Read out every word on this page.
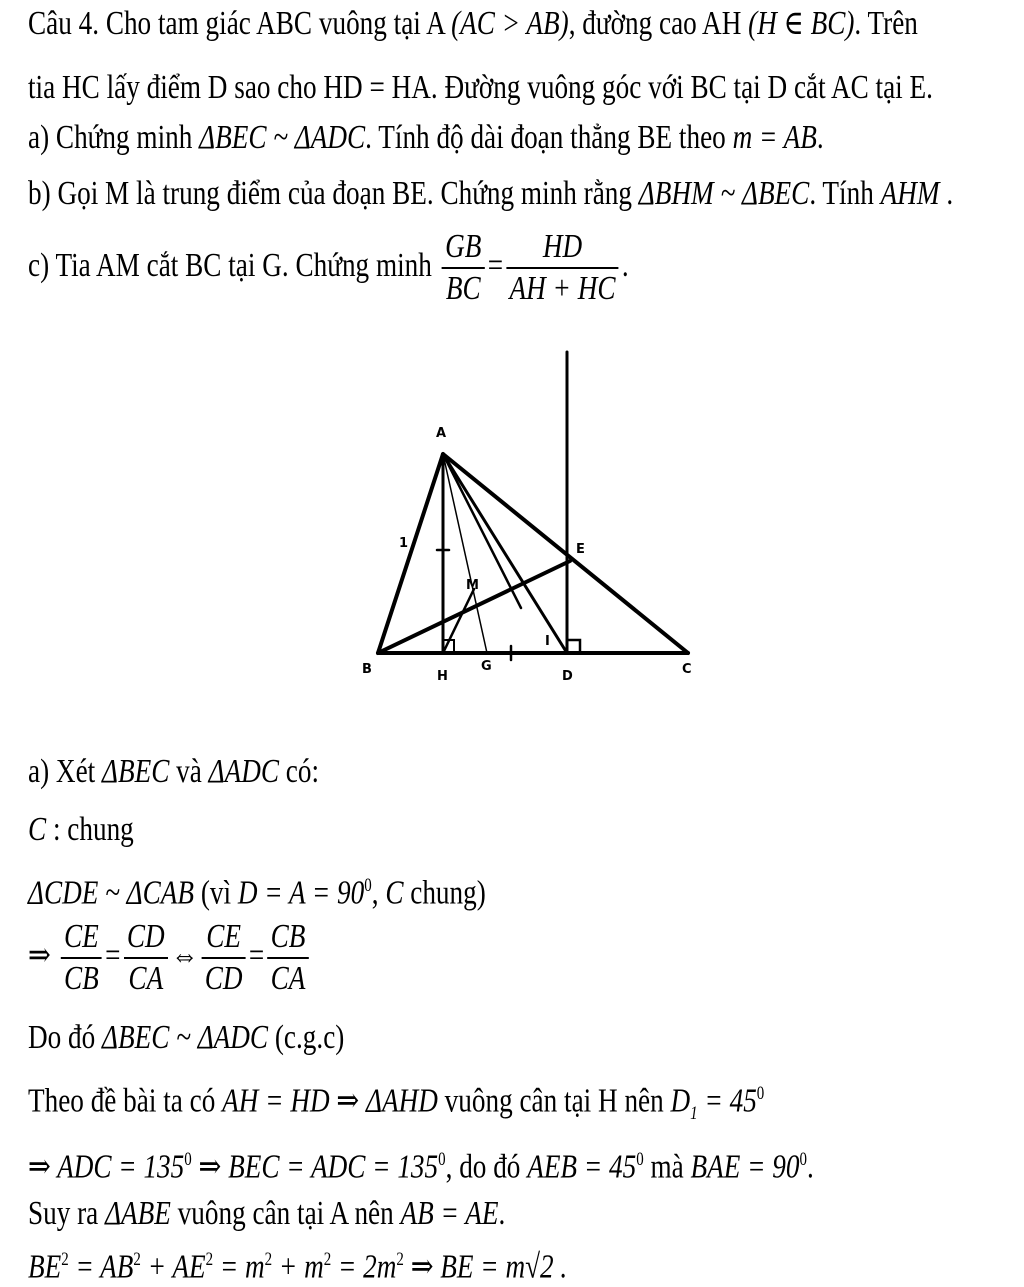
Câu 4. Cho tam giác ABC vuông tại A (AC > AB), đường cao AH (H ∈ BC). Trên
tia HC lấy điểm D sao cho HD = HA. Đường vuông góc với BC tại D cắt AC tại E.
a) Chứng minh ΔBEC ~ ΔADC. Tính độ dài đoạn thẳng BE theo m = AB.
b) Gọi M là trung điểm của đoạn BE. Chứng minh rằng ΔBHM ~ ΔBEC. Tính AHM .
c) Tia AM cắt BC tại G. Chứng minh $\frac{GB}{BC} = \frac{HD}{AH + HC}$ .
A
B	C
H
G
D
E
M
I
1
a) Xét ΔBEC và ΔADC có:
C : chung
ΔCDE ~ ΔCAB (vì $D = A = 90^0$, C chung)
⇒ $\frac{CE}{CB} = \frac{CD}{CA}$ ⇔ $\frac{CE}{CD} = \frac{CB}{CA}$
Do đó ΔBEC ~ ΔADC (c.g.c)
Theo đề bài ta có AH = HD ⇒ ΔAHD vuông cân tại H nên $D_1 = 45^0$
⇒ ADC = $135^0$ ⇒ BEC = ADC = $135^0$, do đó AEB = $45^0$ mà BAE = $90^0$.
Suy ra ΔABE vuông cân tại A nên AB = AE.
$BE^2 = AB^2 + AE^2 = m^2 + m^2 = 2m^2$ ⇒ BE = m√2 .
